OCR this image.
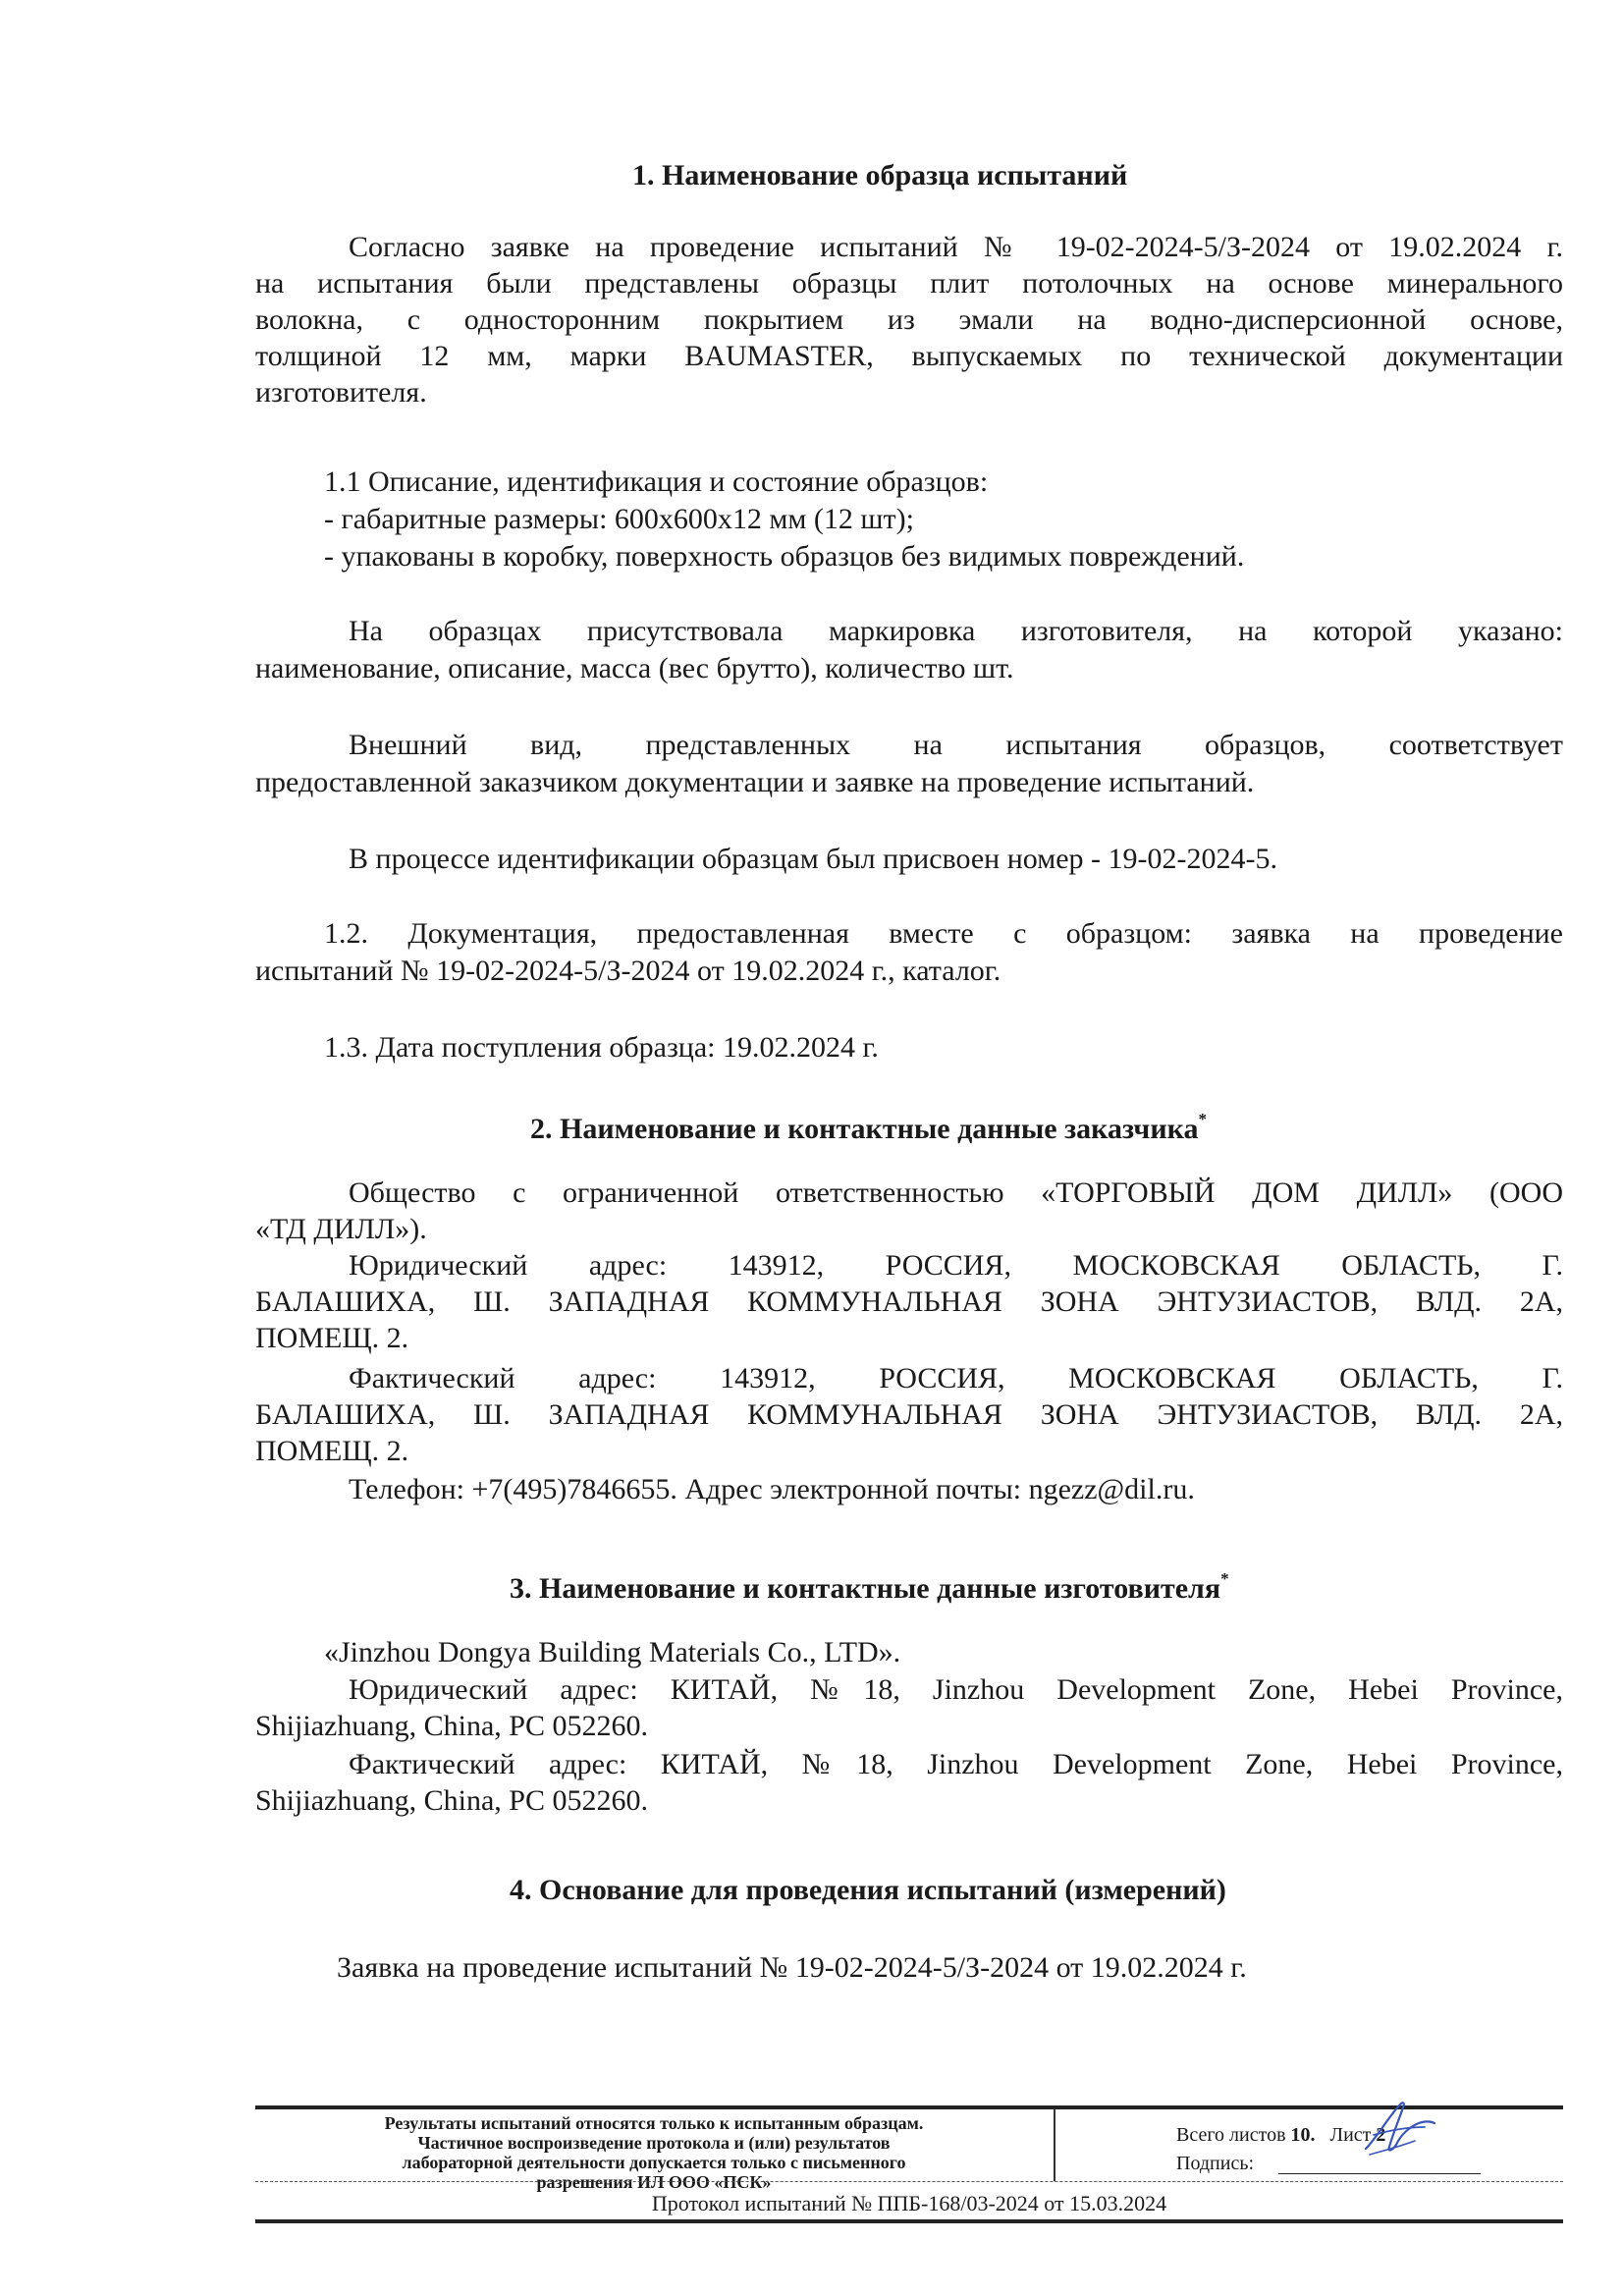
1. Наименование образца испытаний
Согласно заявке на проведение испытаний № 19-02-2024-5/З-2024 от 19.02.2024 г.
на испытания были представлены образцы плит потолочных на основе минерального
волокна, с односторонним покрытием из эмали на водно-дисперсионной основе,
толщиной 12 мм, марки BAUMASTER, выпускаемых по технической документации
изготовителя.
1.1 Описание, идентификация и состояние образцов:
- габаритные размеры: 600х600х12 мм (12 шт);
- упакованы в коробку, поверхность образцов без видимых повреждений.
На образцах присутствовала маркировка изготовителя, на которой указано:
наименование, описание, масса (вес брутто), количество шт.
Внешний вид, представленных на испытания образцов, соответствует
предоставленной заказчиком документации и заявке на проведение испытаний.
В процессе идентификации образцам был присвоен номер - 19-02-2024-5.
1.2. Документация, предоставленная вместе с образцом: заявка на проведение
испытаний № 19-02-2024-5/З-2024 от 19.02.2024 г., каталог.
1.3. Дата поступления образца: 19.02.2024 г.
2. Наименование и контактные данные заказчика*
Общество с ограниченной ответственностью «ТОРГОВЫЙ ДОМ ДИЛЛ» (ООО
«ТД ДИЛЛ»).
Юридический адрес: 143912, РОССИЯ, МОСКОВСКАЯ ОБЛАСТЬ, Г.
БАЛАШИХА, Ш. ЗАПАДНАЯ КОММУНАЛЬНАЯ ЗОНА ЭНТУЗИАСТОВ, ВЛД. 2А,
ПОМЕЩ. 2.
Фактический адрес: 143912, РОССИЯ, МОСКОВСКАЯ ОБЛАСТЬ, Г.
БАЛАШИХА, Ш. ЗАПАДНАЯ КОММУНАЛЬНАЯ ЗОНА ЭНТУЗИАСТОВ, ВЛД. 2А,
ПОМЕЩ. 2.
Телефон: +7(495)7846655. Адрес электронной почты: ngezz@dil.ru.
3. Наименование и контактные данные изготовителя*
«Jinzhou Dongya Building Materials Co., LTD».
Юридический адрес: КИТАЙ, №18, Jinzhou Development Zone, Hebei Province,
Shijiazhuang, China, PC 052260.
Фактический адрес: КИТАЙ, №18, Jinzhou Development Zone, Hebei Province,
Shijiazhuang, China, PC 052260.
4. Основание для проведения испытаний (измерений)
Заявка на проведение испытаний № 19-02-2024-5/З-2024 от 19.02.2024 г.
Результаты испытаний относятся только к испытанным образцам.
Частичное воспроизведение протокола и (или) результатов
лабораторной деятельности допускается только с письменного
разрешения ИЛ ООО «ПСК»
Всего листов 10. Лист 2
Подпись:
Протокол испытаний № ППБ-168/03-2024 от 15.03.2024
